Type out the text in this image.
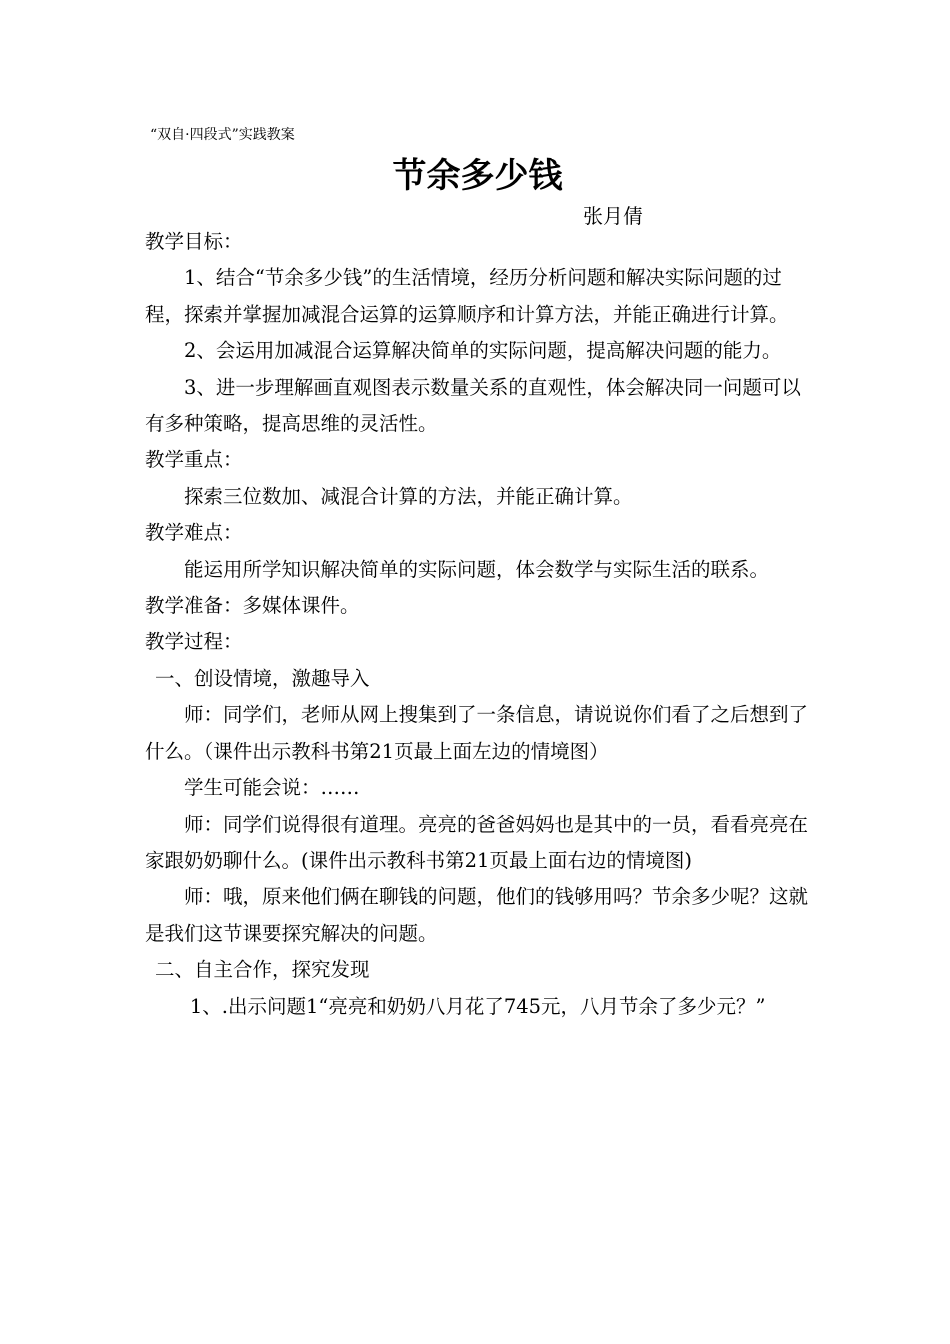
“双自·四段式”实践教案
节余多少钱
张月倩

教学目标：

1、结合“节余多少钱”的生活情境，经历分析问题和解决实际问题的过程，探索并掌握加减混合运算的运算顺序和计算方法，并能正确进行计算。

2、会运用加减混合运算解决简单的实际问题，提高解决问题的能力。

3、进一步理解画直观图表示数量关系的直观性，体会解决同一问题可以有多种策略，提高思维的灵活性。

教学重点：

探索三位数加、减混合计算的方法，并能正确计算。

教学难点：

能运用所学知识解决简单的实际问题，体会数学与实际生活的联系。

教学准备：多媒体课件。

教学过程：

一、创设情境，激趣导入

师：同学们，老师从网上搜集到了一条信息，请说说你们看了之后想到了什么。（课件出示教科书第21页最上面左边的情境图）

学生可能会说：……

师：同学们说得很有道理。亮亮的爸爸妈妈也是其中的一员，看看亮亮在家跟奶奶聊什么。(课件出示教科书第21页最上面右边的情境图)

师：哦，原来他们俩在聊钱的问题，他们的钱够用吗？节余多少呢？这就是我们这节课要探究解决的问题。

二、自主合作，探究发现

1、.出示问题1“亮亮和奶奶八月花了745元，八月节余了多少元？”
